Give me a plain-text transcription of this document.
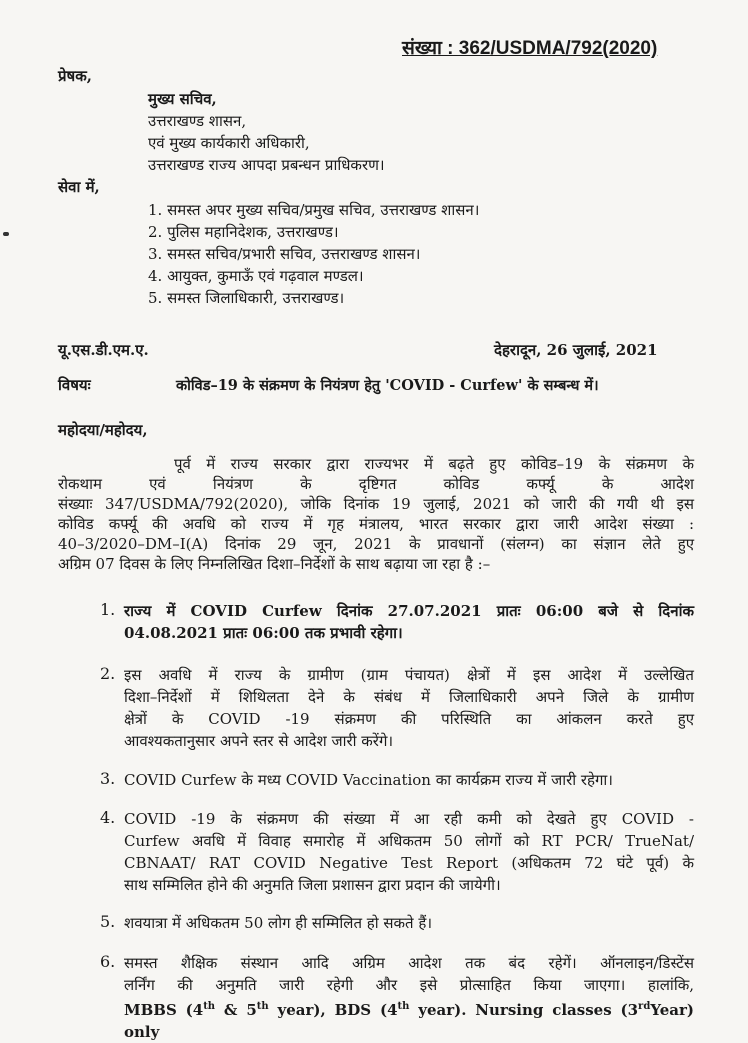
संख्या : 362/USDMA/792(2020)
प्रेषक,
मुख्य सचिव,
उत्तराखण्ड शासन,
एवं मुख्य कार्यकारी अधिकारी,
उत्तराखण्ड राज्य आपदा प्रबन्धन प्राधिकरण।
सेवा में,
1. समस्त अपर मुख्य सचिव/प्रमुख सचिव, उत्तराखण्ड शासन।
2. पुलिस महानिदेशक, उत्तराखण्ड।
3. समस्त सचिव/प्रभारी सचिव, उत्तराखण्ड शासन।
4. आयुक्त, कुमाऊँ एवं गढ़वाल मण्डल।
5. समस्त जिलाधिकारी, उत्तराखण्ड।
यू.एस.डी.एम.ए.	देहरादून, 26 जुलाई, 2021
विषयः	कोविड–19 के संक्रमण के नियंत्रण हेतु 'COVID - Curfew' के सम्बन्ध में।
महोदया/महोदय,
पूर्व में राज्य सरकार द्वारा राज्यभर में बढ़ते हुए कोविड–19 के संक्रमण के
रोकथाम एवं नियंत्रण के दृष्टिगत कोविड कर्फ्यू के आदेश
संख्याः 347/USDMA/792(2020), जोकि दिनांक 19 जुलाई, 2021 को जारी की गयी थी इस
कोविड कर्फ्यू की अवधि को राज्य में गृह मंत्रालय, भारत सरकार द्वारा जारी आदेश संख्या :
40–3/2020–DM–I(A) दिनांक 29 जून, 2021 के प्रावधानों (संलग्न) का संज्ञान लेते हुए
अग्रिम 07 दिवस के लिए निम्नलिखित दिशा–निर्देशों के साथ बढ़ाया जा रहा है :–
1. राज्य में COVID Curfew दिनांक 27.07.2021 प्रातः 06:00 बजे से दिनांक
04.08.2021 प्रातः 06:00 तक प्रभावी रहेगा।
2. इस अवधि में राज्य के ग्रामीण (ग्राम पंचायत) क्षेत्रों में इस आदेश में उल्लेखित
दिशा–निर्देशों में शिथिलता देने के संबंध में जिलाधिकारी अपने जिले के ग्रामीण
क्षेत्रों के COVID -19 संक्रमण की परिस्थिति का आंकलन करते हुए
आवश्यकतानुसार अपने स्तर से आदेश जारी करेंगे।
3. COVID Curfew के मध्य COVID Vaccination का कार्यक्रम राज्य में जारी रहेगा।
4. COVID -19 के संक्रमण की संख्या में आ रही कमी को देखते हुए COVID -
Curfew अवधि में विवाह समारोह में अधिकतम 50 लोगों को RT PCR/ TrueNat/
CBNAAT/ RAT COVID Negative Test Report (अधिकतम 72 घंटे पूर्व) के
साथ सम्मिलित होने की अनुमति जिला प्रशासन द्वारा प्रदान की जायेगी।
5. शवयात्रा में अधिकतम 50 लोग ही सम्मिलित हो सकते हैं।
6. समस्त शैक्षिक संस्थान आदि अग्रिम आदेश तक बंद रहेगें। ऑनलाइन/डिस्टेंस
लर्निंग की अनुमति जारी रहेगी और इसे प्रोत्साहित किया जाएगा। हालांकि,
MBBS (4th & 5th year), BDS (4th year). Nursing classes (3rdYear) only
